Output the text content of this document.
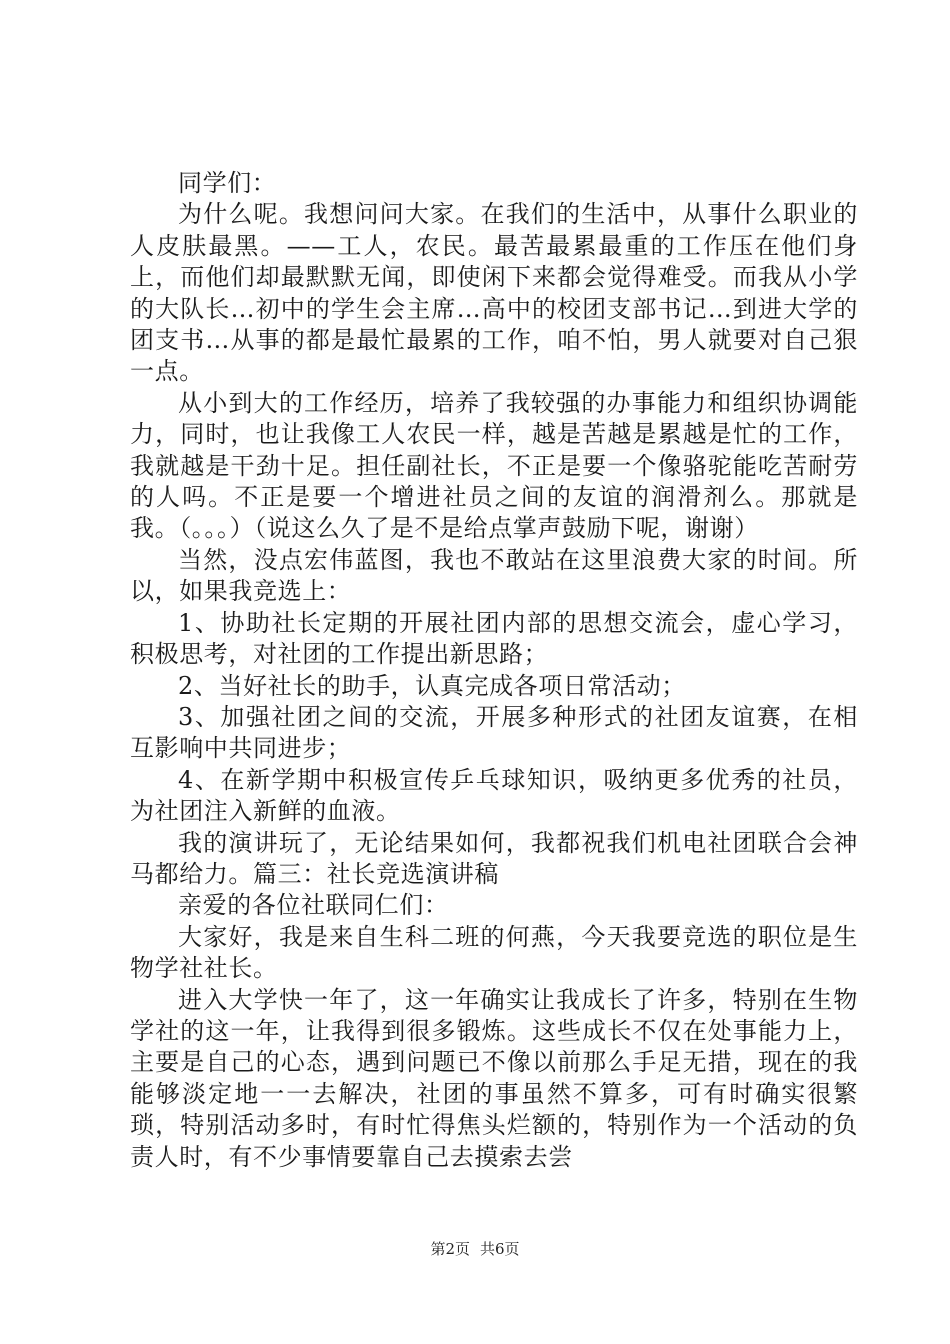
同学们：

为什么呢。我想问问大家。在我们的生活中，从事什么职业的人皮肤最黑。——工人，农民。最苦最累最重的工作压在他们身上，而他们却最默默无闻，即使闲下来都会觉得难受。而我从小学的大队长…初中的学生会主席…高中的校团支部书记…到进大学的团支书…从事的都是最忙最累的工作，咱不怕，男人就要对自己狠一点。

从小到大的工作经历，培养了我较强的办事能力和组织协调能力，同时，也让我像工人农民一样，越是苦越是累越是忙的工作，我就越是干劲十足。担任副社长，不正是要一个像骆驼能吃苦耐劳的人吗。不正是要一个增进社员之间的友谊的润滑剂么。那就是我。（。。。）（说这么久了是不是给点掌声鼓励下呢，谢谢）

当然，没点宏伟蓝图，我也不敢站在这里浪费大家的时间。所以，如果我竞选上：

1、协助社长定期的开展社团内部的思想交流会，虚心学习，积极思考，对社团的工作提出新思路；

2、当好社长的助手，认真完成各项日常活动；

3、加强社团之间的交流，开展多种形式的社团友谊赛，在相互影响中共同进步；

4、在新学期中积极宣传乒乓球知识，吸纳更多优秀的社员，为社团注入新鲜的血液。

我的演讲玩了，无论结果如何，我都祝我们机电社团联合会神马都给力。篇三：社长竞选演讲稿

亲爱的各位社联同仁们：

大家好，我是来自生科二班的何燕，今天我要竞选的职位是生物学社社长。

进入大学快一年了，这一年确实让我成长了许多，特别在生物学社的这一年，让我得到很多锻炼。这些成长不仅在处事能力上，主要是自己的心态，遇到问题已不像以前那么手足无措，现在的我能够淡定地一一去解决，社团的事虽然不算多，可有时确实很繁琐，特别活动多时，有时忙得焦头烂额的，特别作为一个活动的负责人时，有不少事情要靠自己去摸索去尝

第2页 共6页
